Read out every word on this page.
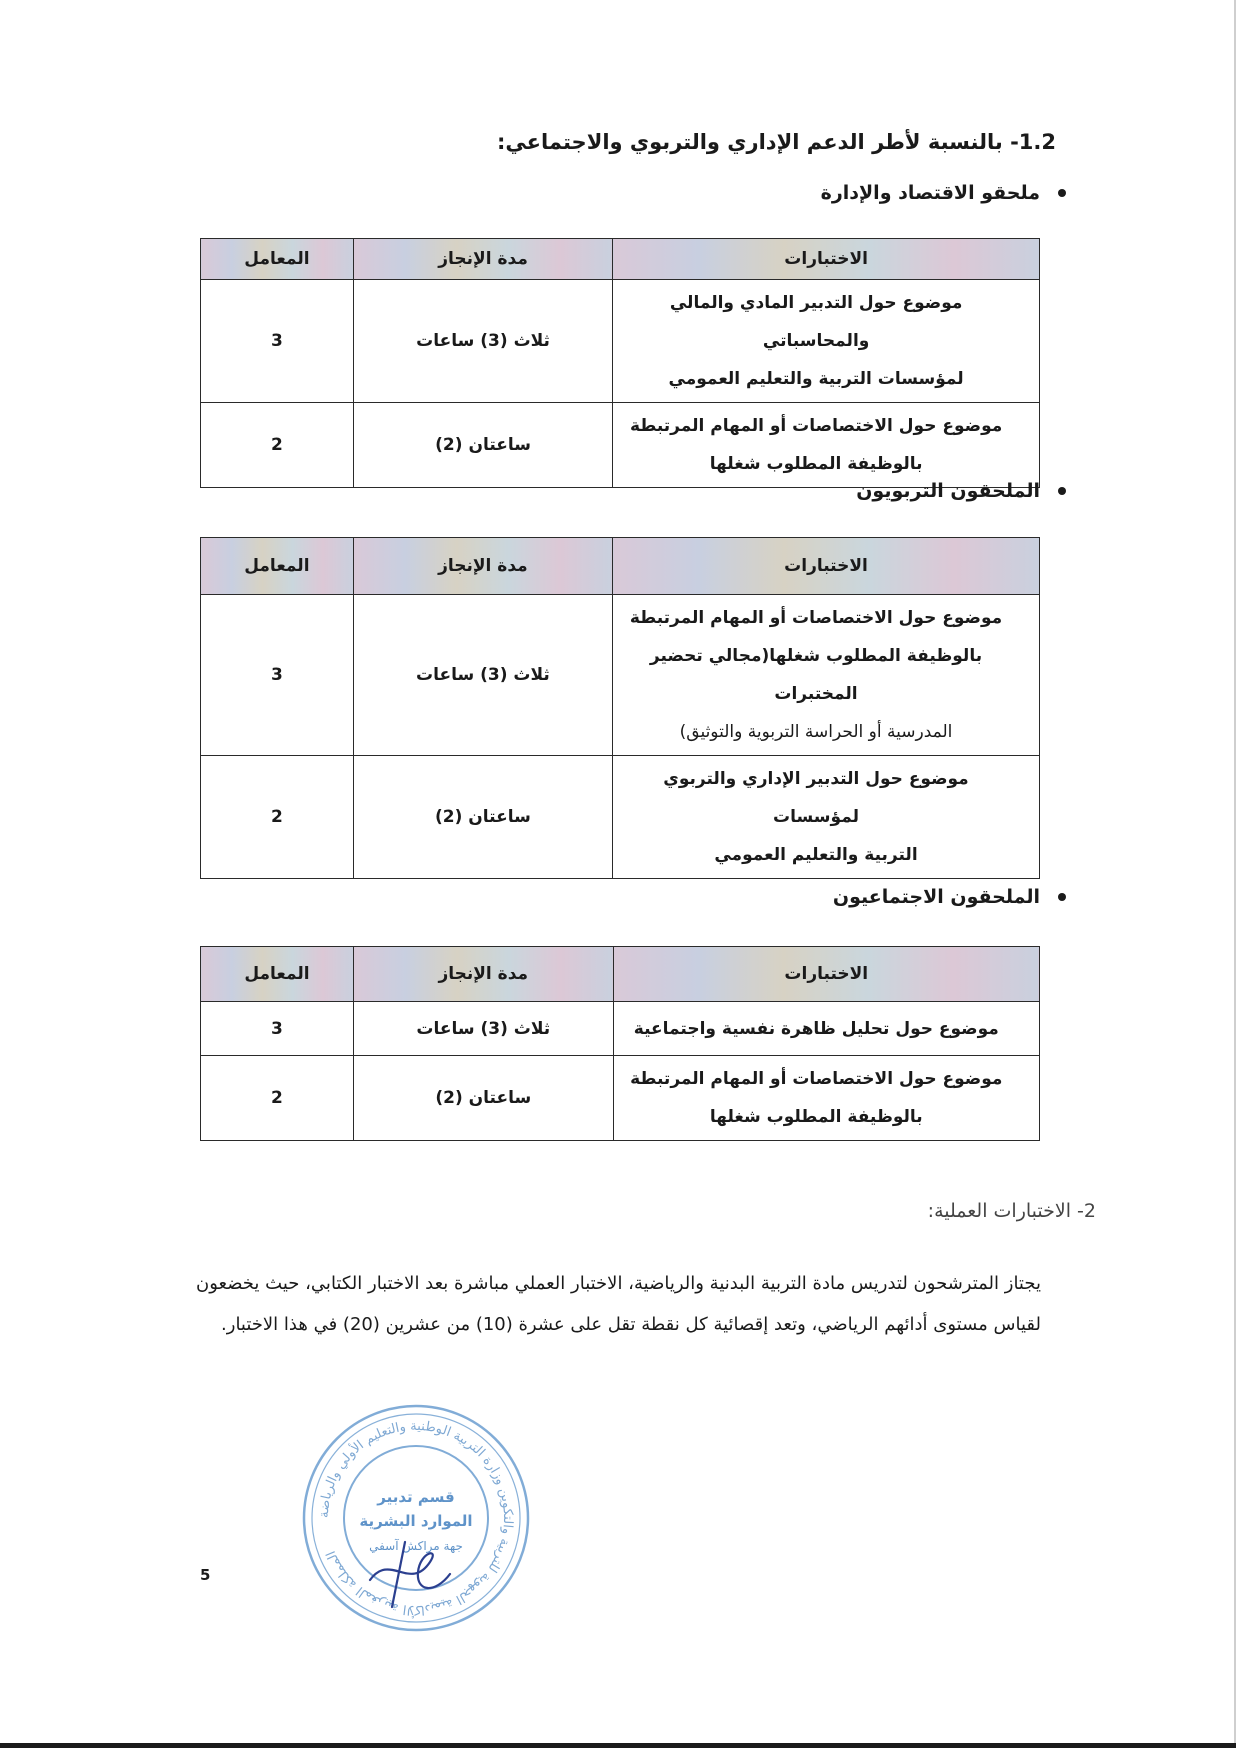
1.2- بالنسبة لأطر الدعم الإداري والتربوي والاجتماعي:
ملحقو الاقتصاد والإدارة
الاختبارات	مدة الإنجاز	المعامل

موضوع حول التدبير المادي والمالي والمحاسباتي
لمؤسسات التربية والتعليم العمومي	ثلاث (3) ساعات	3

موضوع حول الاختصاصات أو المهام المرتبطة
بالوظيفة المطلوب شغلها	ساعتان (2)	2
الملحقون التربويون
الاختبارات	مدة الإنجاز	المعامل

موضوع حول الاختصاصات أو المهام المرتبطة
بالوظيفة المطلوب شغلها(مجالي تحضير المختبرات
المدرسية أو الحراسة التربوية والتوثيق)	ثلاث (3) ساعات	3

موضوع حول التدبير الإداري والتربوي لمؤسسات
التربية والتعليم العمومي	ساعتان (2)	2
الملحقون الاجتماعيون
الاختبارات	مدة الإنجاز	المعامل

موضوع حول تحليل ظاهرة نفسية واجتماعية	ثلاث (3) ساعات	3

موضوع حول الاختصاصات أو المهام المرتبطة
بالوظيفة المطلوب شغلها	ساعتان (2)	2
2- الاختبارات العملية:
يجتاز المترشحون لتدريس مادة التربية البدنية والرياضية، الاختبار العملي مباشرة بعد الاختبار الكتابي، حيث يخضعون لقياس مستوى أدائهم الرياضي، وتعد إقصائية كل نقطة تقل على عشرة (10) من عشرين (20) في هذا الاختبار.
المملكة المغربية الأكاديمية الجهوية للتربية والتكوين وزارة التربية الوطنية والتعليم الأولي والرياضة
قسم تدبير
الموارد البشرية
جهة مراكش آسفي
5
